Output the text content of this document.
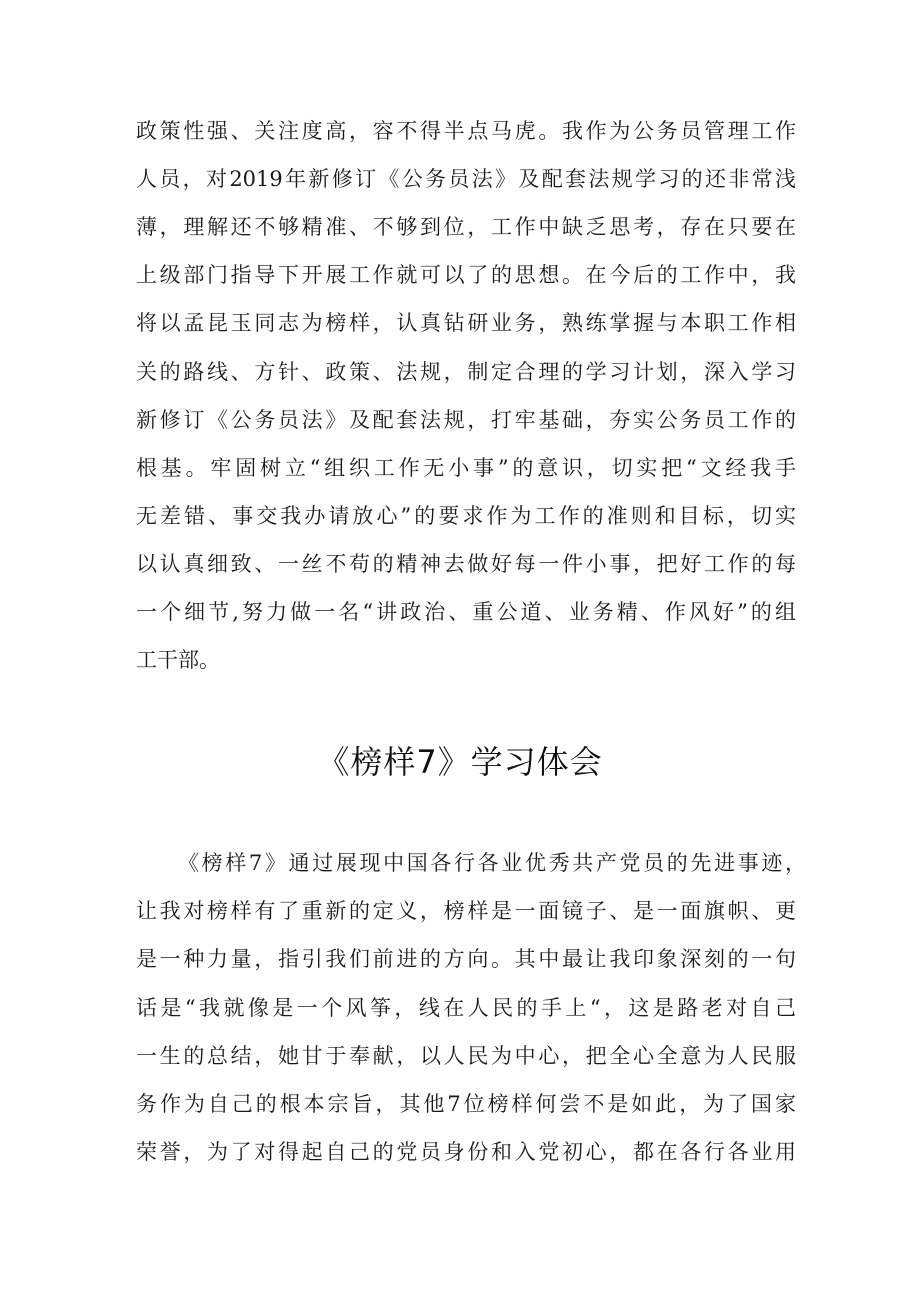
政策性强、关注度高，容不得半点马虎。我作为公务员管理工作
人员，对2019年新修订《公务员法》及配套法规学习的还非常浅
薄，理解还不够精准、不够到位，工作中缺乏思考，存在只要在
上级部门指导下开展工作就可以了的思想。在今后的工作中，我
将以孟昆玉同志为榜样，认真钻研业务，熟练掌握与本职工作相
关的路线、方针、政策、法规，制定合理的学习计划，深入学习
新修订《公务员法》及配套法规，打牢基础，夯实公务员工作的
根基。牢固树立“组织工作无小事”的意识，切实把“文经我手
无差错、事交我办请放心”的要求作为工作的准则和目标，切实
以认真细致、一丝不苟的精神去做好每一件小事，把好工作的每
一个细节,努力做一名“讲政治、重公道、业务精、作风好”的组
工干部。
《榜样7》学习体会
《榜样7》通过展现中国各行各业优秀共产党员的先进事迹，
让我对榜样有了重新的定义，榜样是一面镜子、是一面旗帜、更
是一种力量，指引我们前进的方向。其中最让我印象深刻的一句
话是“我就像是一个风筝，线在人民的手上“，这是路老对自己
一生的总结，她甘于奉献，以人民为中心，把全心全意为人民服
务作为自己的根本宗旨，其他7位榜样何尝不是如此，为了国家
荣誉，为了对得起自己的党员身份和入党初心，都在各行各业用
